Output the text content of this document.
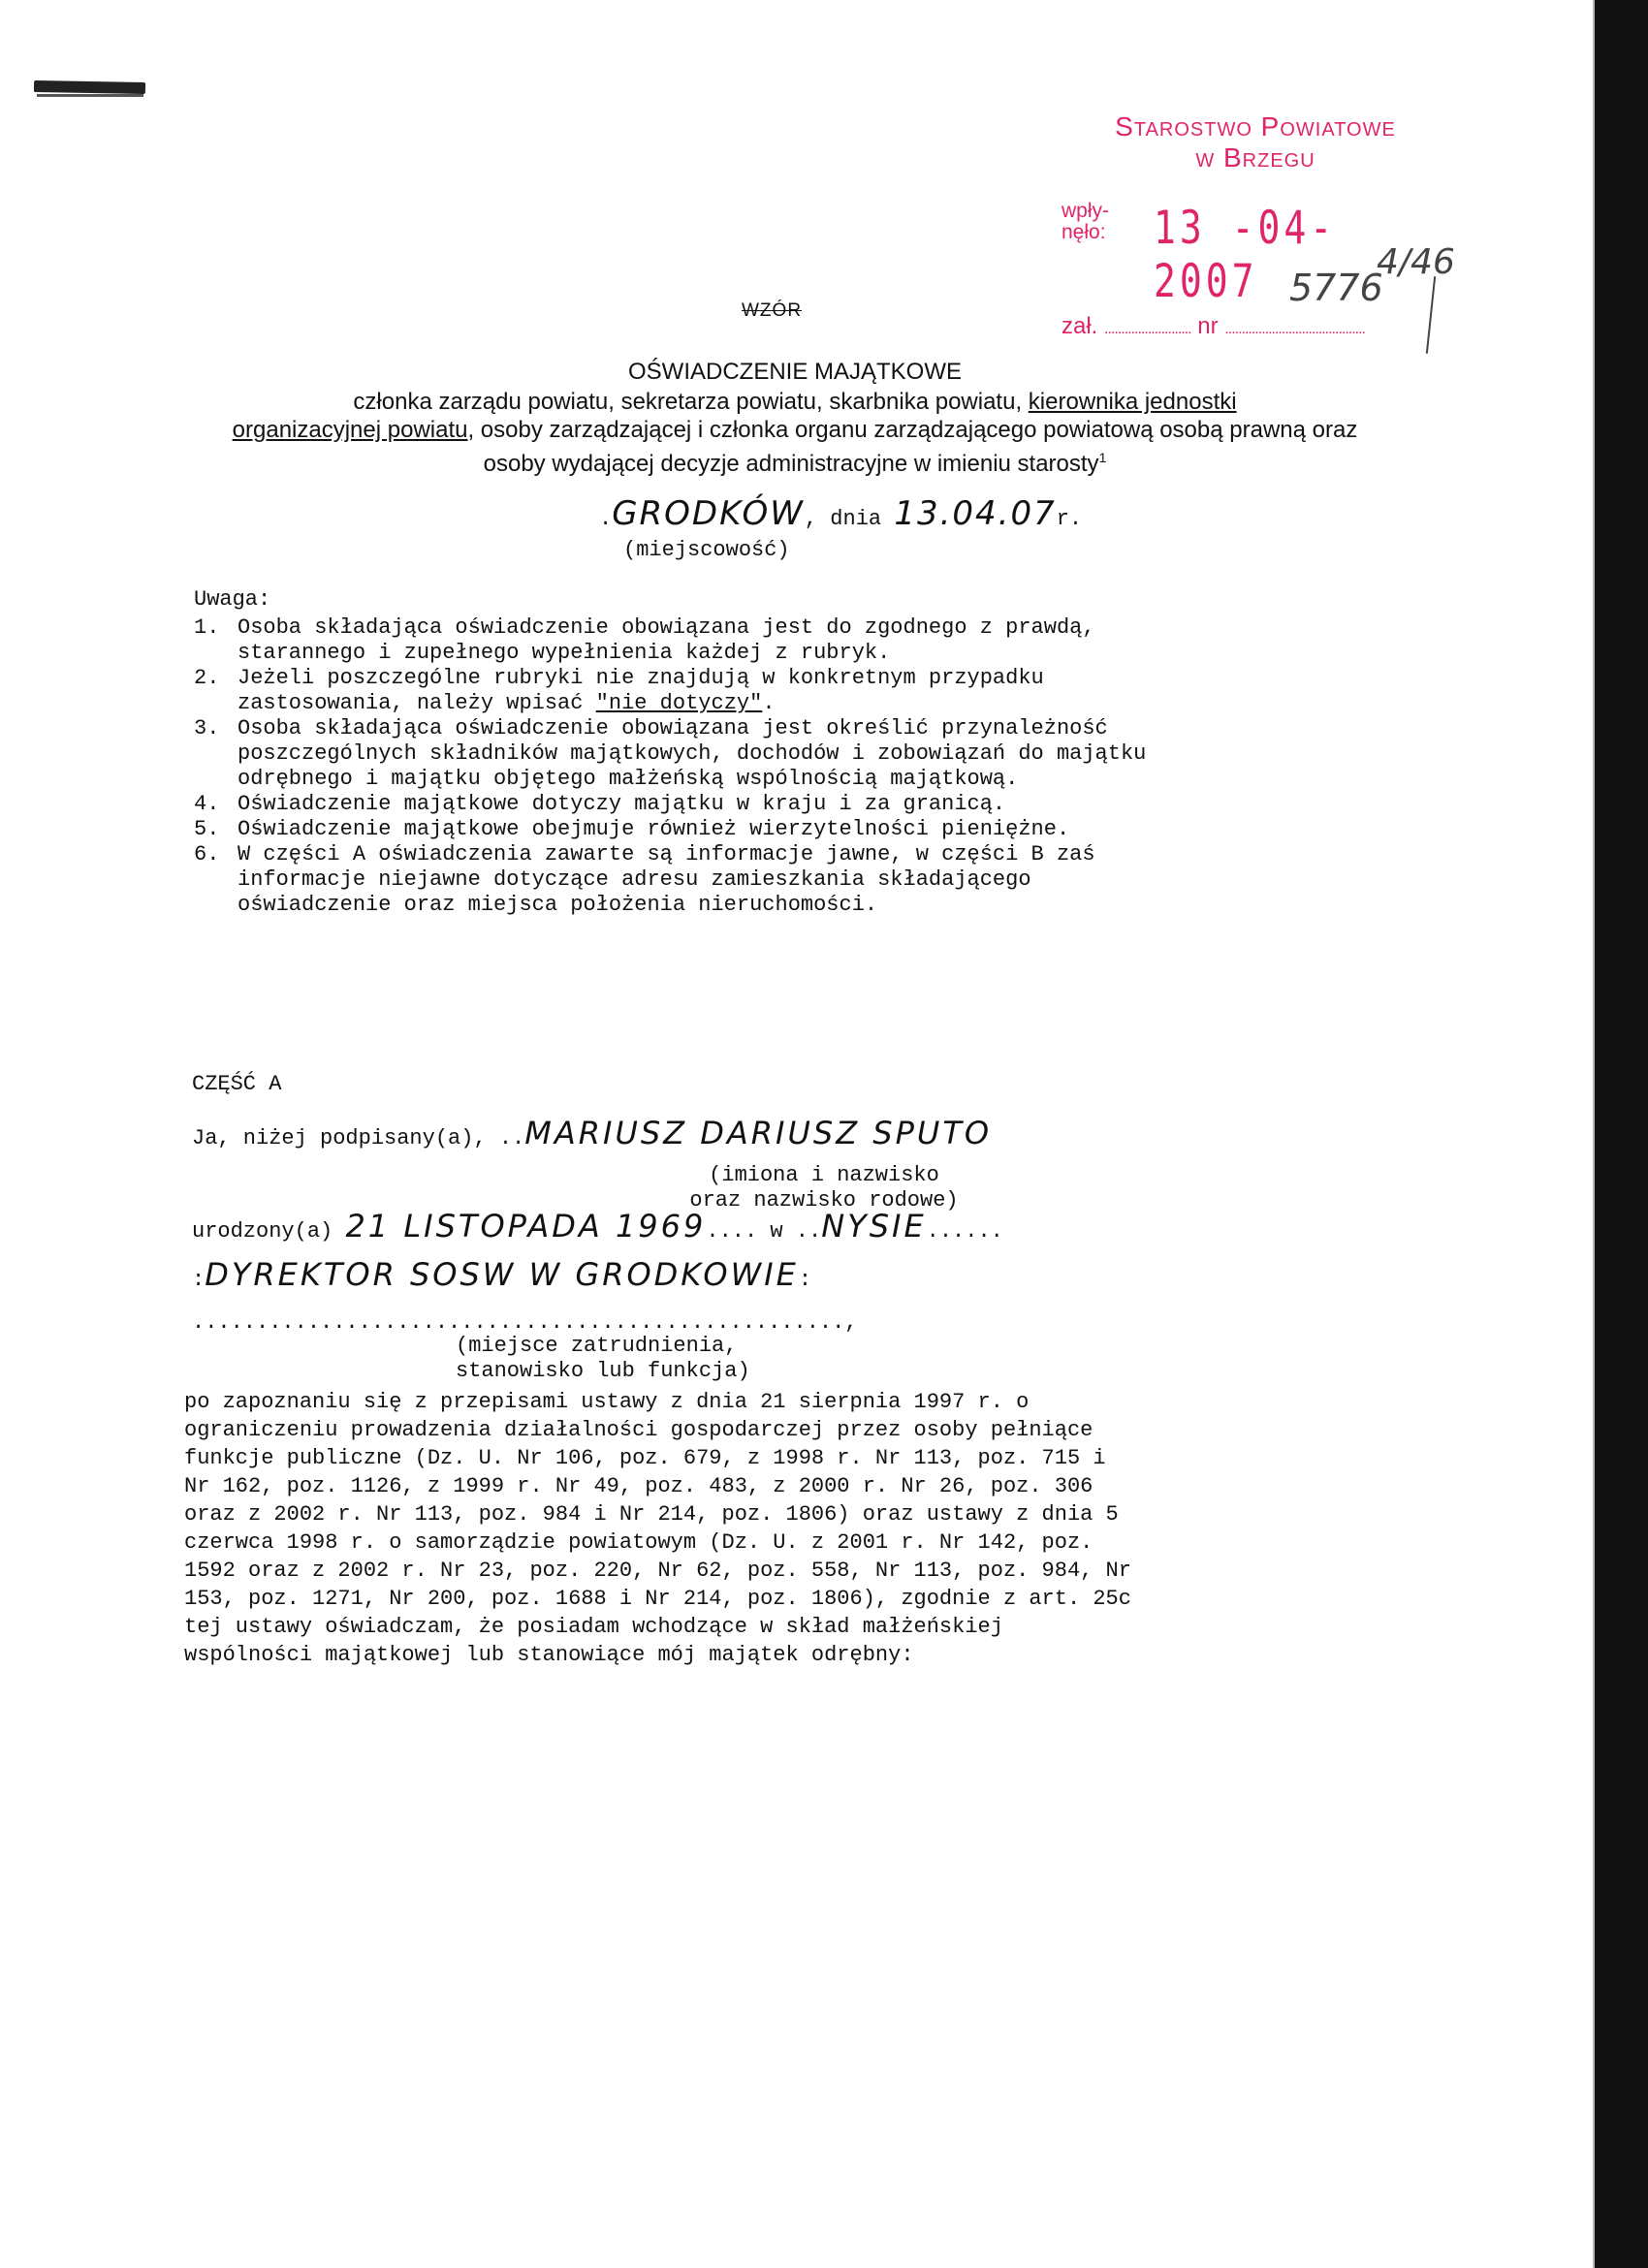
Starostwo Powiatowe
w Brzegu
wpły-
nęło: 13 -04- 2007
zał. .......................... nr ..........................................
5776
4/46
WZÓR
OŚWIADCZENIE MAJĄTKOWE
członka zarządu powiatu, sekretarza powiatu, skarbnika powiatu, kierownika jednostki
organizacyjnej powiatu, osoby zarządzającej i członka organu zarządzającego powiatową osobą prawną oraz osoby wydającej decyzje administracyjne w imieniu starosty$^1$
.GRODKÓW, dnia 13.04.07r.
(miejscowość)
Uwaga:
1. Osoba składająca oświadczenie obowiązana jest do zgodnego z prawdą, starannego i zupełnego wypełnienia każdej z rubryk.
2. Jeżeli poszczególne rubryki nie znajdują w konkretnym przypadku zastosowania, należy wpisać "nie dotyczy".
3. Osoba składająca oświadczenie obowiązana jest określić przynależność poszczególnych składników majątkowych, dochodów i zobowiązań do majątku odrębnego i majątku objętego małżeńską wspólnością majątkową.
4. Oświadczenie majątkowe dotyczy majątku w kraju i za granicą.
5. Oświadczenie majątkowe obejmuje również wierzytelności pieniężne.
6. W części A oświadczenia zawarte są informacje jawne, w części B zaś informacje niejawne dotyczące adresu zamieszkania składającego oświadczenie oraz miejsca położenia nieruchomości.
CZĘŚĆ A
Ja, niżej podpisany(a), ..MARIUSZ DARIUSZ SPUTO
(imiona i nazwisko
oraz nazwisko rodowe)
urodzony(a) 21 LISTOPADA 1969.... w ..NYSIE......
:DYREKTOR SOSW W GRODKOWIE:
...................................................,
(miejsce zatrudnienia,
stanowisko lub funkcja)
po zapoznaniu się z przepisami ustawy z dnia 21 sierpnia 1997 r. o ograniczeniu prowadzenia działalności gospodarczej przez osoby pełniące funkcje publiczne (Dz. U. Nr 106, poz. 679, z 1998 r. Nr 113, poz. 715 i Nr 162, poz. 1126, z 1999 r. Nr 49, poz. 483, z 2000 r. Nr 26, poz. 306 oraz z 2002 r. Nr 113, poz. 984 i Nr 214, poz. 1806) oraz ustawy z dnia 5 czerwca 1998 r. o samorządzie powiatowym (Dz. U. z 2001 r. Nr 142, poz. 1592 oraz z 2002 r. Nr 23, poz. 220, Nr 62, poz. 558, Nr 113, poz. 984, Nr 153, poz. 1271, Nr 200, poz. 1688 i Nr 214, poz. 1806), zgodnie z art. 25c tej ustawy oświadczam, że posiadam wchodzące w skład małżeńskiej wspólności majątkowej lub stanowiące mój majątek odrębny:
